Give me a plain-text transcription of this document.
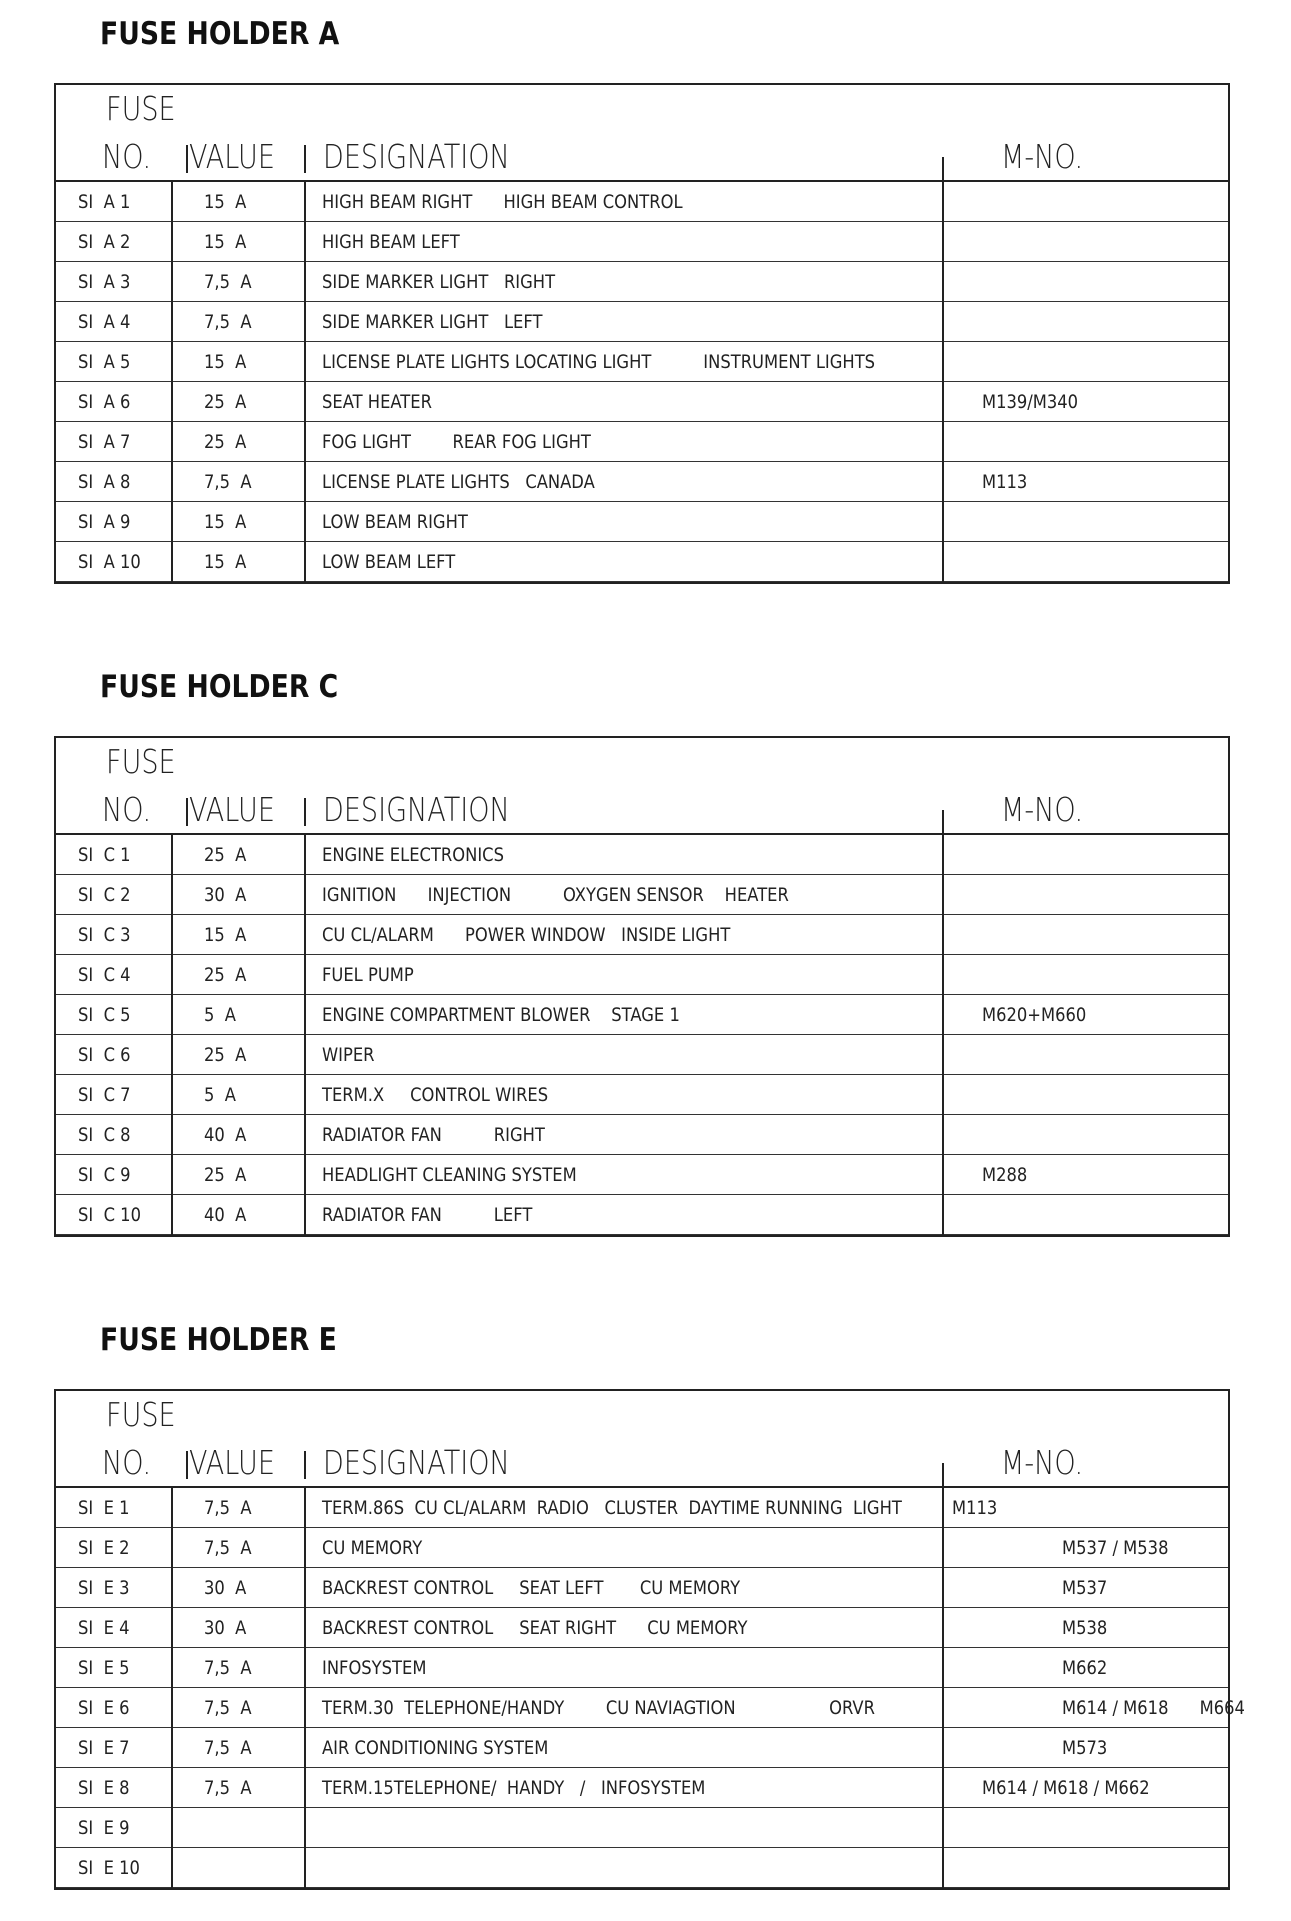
FUSE HOLDER A
FUSE
NO. VALUE DESIGNATION	M-NO.
SI  A 1	15  A	HIGH BEAM RIGHT      HIGH BEAM CONTROL
SI  A 2	15  A	HIGH BEAM LEFT
SI  A 3	7,5  A	SIDE MARKER LIGHT   RIGHT
SI  A 4	7,5  A	SIDE MARKER LIGHT   LEFT
SI  A 5	15  A	LICENSE PLATE LIGHTS LOCATING LIGHT          INSTRUMENT LIGHTS
SI  A 6	25  A	SEAT HEATER	M139/M340
SI  A 7	25  A	FOG LIGHT        REAR FOG LIGHT
SI  A 8	7,5  A	LICENSE PLATE LIGHTS   CANADA	M113
SI  A 9	15  A	LOW BEAM RIGHT
SI  A 10	15  A	LOW BEAM LEFT
FUSE HOLDER C
FUSE
NO. VALUE DESIGNATION	M-NO.
SI  C 1	25  A	ENGINE ELECTRONICS
SI  C 2	30  A	IGNITION      INJECTION          OXYGEN SENSOR    HEATER
SI  C 3	15  A	CU CL/ALARM      POWER WINDOW   INSIDE LIGHT
SI  C 4	25  A	FUEL PUMP
SI  C 5	5  A	ENGINE COMPARTMENT BLOWER    STAGE 1	M620+M660
SI  C 6	25  A	WIPER
SI  C 7	5  A	TERM.X     CONTROL WIRES
SI  C 8	40  A	RADIATOR FAN          RIGHT
SI  C 9	25  A	HEADLIGHT CLEANING SYSTEM	M288
SI  C 10	40  A	RADIATOR FAN          LEFT
FUSE HOLDER E
FUSE
NO. VALUE DESIGNATION	M-NO.
SI  E 1	7,5  A	TERM.86S  CU CL/ALARM  RADIO   CLUSTER  DAYTIME RUNNING  LIGHT	M113
SI  E 2	7,5  A	CU MEMORY	M537 / M538
SI  E 3	30  A	BACKREST CONTROL     SEAT LEFT       CU MEMORY	M537
SI  E 4	30  A	BACKREST CONTROL     SEAT RIGHT      CU MEMORY	M538
SI  E 5	7,5  A	INFOSYSTEM	M662
SI  E 6	7,5  A	TERM.30  TELEPHONE/HANDY        CU NAVIAGTION                  ORVR	M614 / M618      M664
SI  E 7	7,5  A	AIR CONDITIONING SYSTEM	M573
SI  E 8	7,5  A	TERM.15TELEPHONE/  HANDY   /   INFOSYSTEM	M614 / M618 / M662
SI  E 9
SI  E 10
